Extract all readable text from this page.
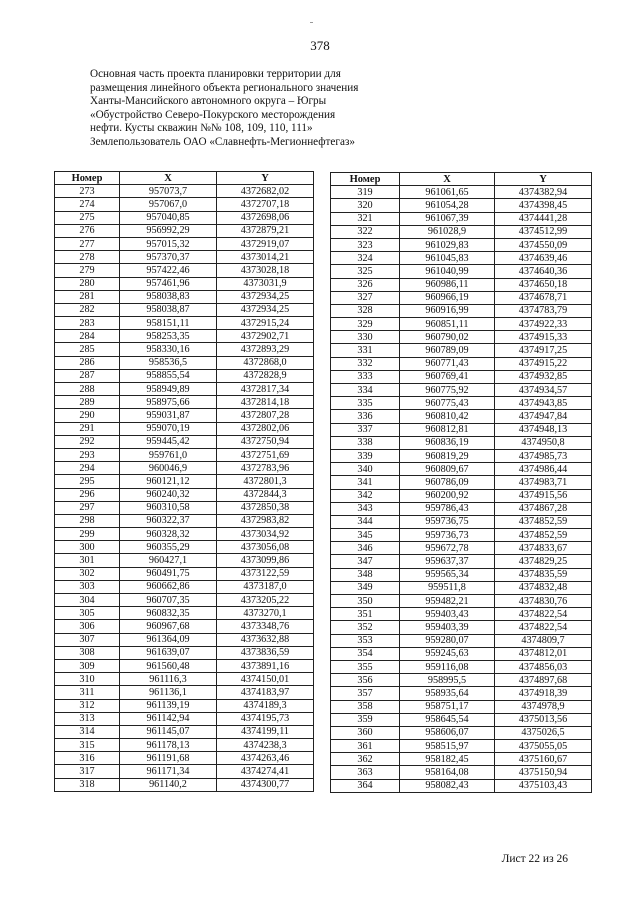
378
Основная часть проекта планировки территории для
размещения линейного объекта регионального значения
Ханты-Мансийского автономного округа – Югры
«Обустройство Северо-Покурского месторождения
нефти. Кусты скважин №№ 108, 109, 110, 111»
Землепользователь ОАО «Славнефть-Мегионнефтегаз»
Номер	X	Y
273	957073,7	4372682,02
274	957067,0	4372707,18
275	957040,85	4372698,06
276	956992,29	4372879,21
277	957015,32	4372919,07
278	957370,37	4373014,21
279	957422,46	4373028,18
280	957461,96	4373031,9
281	958038,83	4372934,25
282	958038,87	4372934,25
283	958151,11	4372915,24
284	958253,35	4372902,71
285	958330,16	4372893,29
286	958536,5	4372868,0
287	958855,54	4372828,9
288	958949,89	4372817,34
289	958975,66	4372814,18
290	959031,87	4372807,28
291	959070,19	4372802,06
292	959445,42	4372750,94
293	959761,0	4372751,69
294	960046,9	4372783,96
295	960121,12	4372801,3
296	960240,32	4372844,3
297	960310,58	4372850,38
298	960322,37	4372983,82
299	960328,32	4373034,92
300	960355,29	4373056,08
301	960427,1	4373099,86
302	960491,75	4373122,59
303	960662,86	4373187,0
304	960707,35	4373205,22
305	960832,35	4373270,1
306	960967,68	4373348,76
307	961364,09	4373632,88
308	961639,07	4373836,59
309	961560,48	4373891,16
310	961116,3	4374150,01
311	961136,1	4374183,97
312	961139,19	4374189,3
313	961142,94	4374195,73
314	961145,07	4374199,11
315	961178,13	4374238,3
316	961191,68	4374263,46
317	961171,34	4374274,41
318	961140,2	4374300,77
Номер	X	Y
319	961061,65	4374382,94
320	961054,28	4374398,45
321	961067,39	4374441,28
322	961028,9	4374512,99
323	961029,83	4374550,09
324	961045,83	4374639,46
325	961040,99	4374640,36
326	960986,11	4374650,18
327	960966,19	4374678,71
328	960916,99	4374783,79
329	960851,11	4374922,33
330	960790,02	4374915,33
331	960789,09	4374917,25
332	960771,43	4374915,22
333	960769,41	4374932,85
334	960775,92	4374934,57
335	960775,43	4374943,85
336	960810,42	4374947,84
337	960812,81	4374948,13
338	960836,19	4374950,8
339	960819,29	4374985,73
340	960809,67	4374986,44
341	960786,09	4374983,71
342	960200,92	4374915,56
343	959786,43	4374867,28
344	959736,75	4374852,59
345	959736,73	4374852,59
346	959672,78	4374833,67
347	959637,37	4374829,25
348	959565,34	4374835,59
349	959511,8	4374832,48
350	959482,21	4374830,76
351	959403,43	4374822,54
352	959403,39	4374822,54
353	959280,07	4374809,7
354	959245,63	4374812,01
355	959116,08	4374856,03
356	958995,5	4374897,68
357	958935,64	4374918,39
358	958751,17	4374978,9
359	958645,54	4375013,56
360	958606,07	4375026,5
361	958515,97	4375055,05
362	958182,45	4375160,67
363	958164,08	4375150,94
364	958082,43	4375103,43
Лист 22 из 26
